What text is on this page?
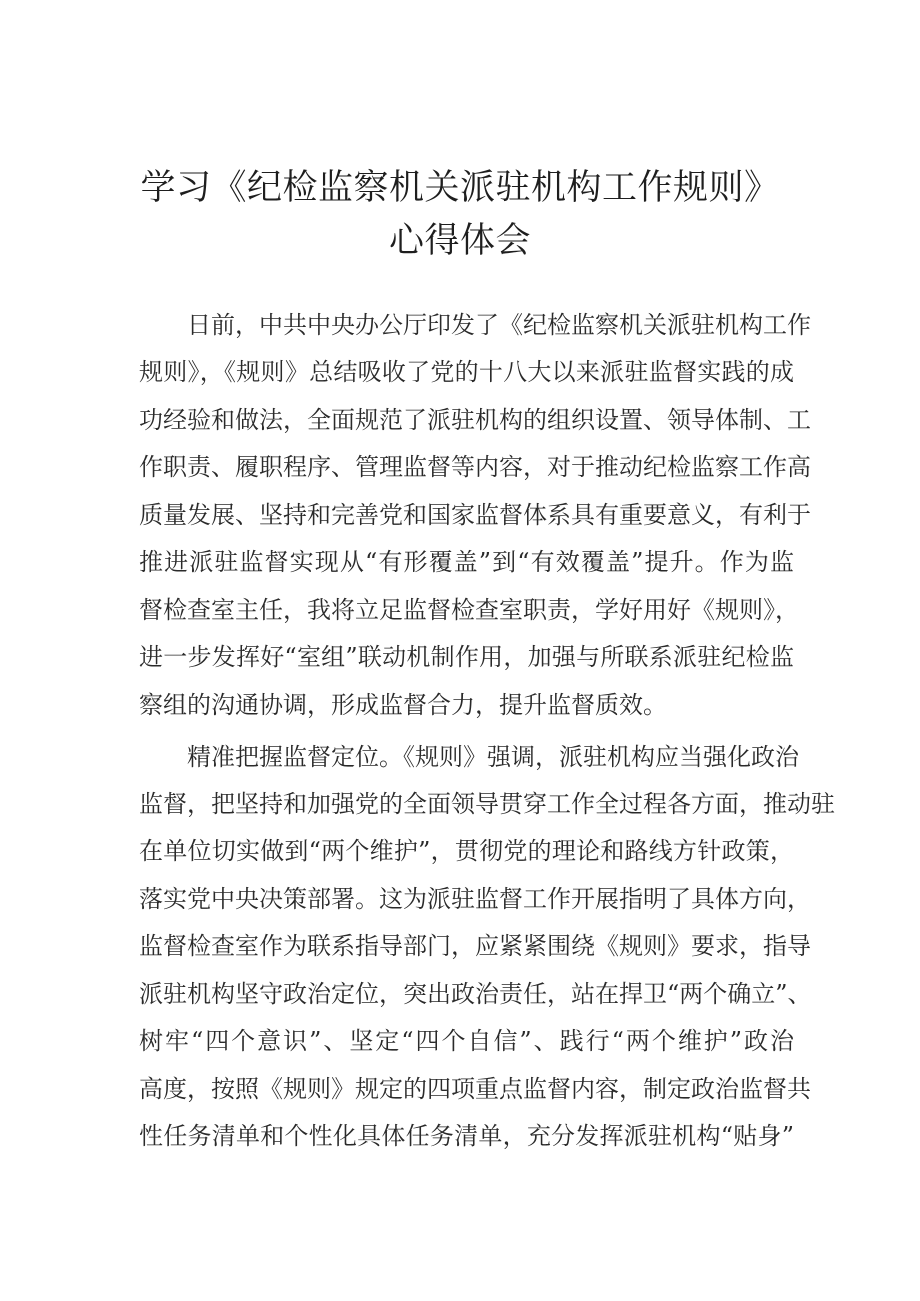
学习《纪检监察机关派驻机构工作规则》
心得体会
日前，中共中央办公厅印发了《纪检监察机关派驻机构工作
规则》，《规则》总结吸收了党的十八大以来派驻监督实践的成
功经验和做法，全面规范了派驻机构的组织设置、领导体制、工
作职责、履职程序、管理监督等内容，对于推动纪检监察工作高
质量发展、坚持和完善党和国家监督体系具有重要意义，有利于
推进派驻监督实现从“有形覆盖”到“有效覆盖”提升。作为监
督检查室主任，我将立足监督检查室职责，学好用好《规则》，
进一步发挥好“室组”联动机制作用，加强与所联系派驻纪检监
察组的沟通协调，形成监督合力，提升监督质效。
精准把握监督定位。《规则》强调，派驻机构应当强化政治
监督，把坚持和加强党的全面领导贯穿工作全过程各方面，推动驻
在单位切实做到“两个维护”，贯彻党的理论和路线方针政策，
落实党中央决策部署。这为派驻监督工作开展指明了具体方向，
监督检查室作为联系指导部门，应紧紧围绕《规则》要求，指导
派驻机构坚守政治定位，突出政治责任，站在捍卫“两个确立”、
树牢“四个意识”、坚定“四个自信”、践行“两个维护”政治
高度，按照《规则》规定的四项重点监督内容，制定政治监督共
性任务清单和个性化具体任务清单，充分发挥派驻机构“贴身”
